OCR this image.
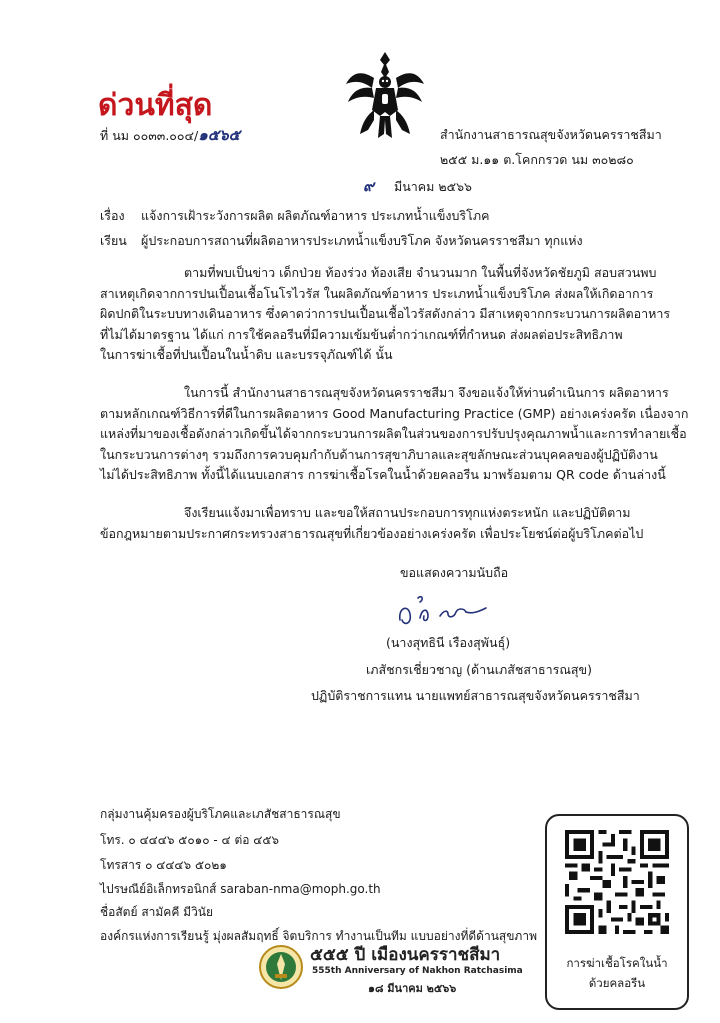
ด่วนที่สุด
ที่ นม ๐๐๓๓.๐๐๔/๑๕๖๕	สำนักงานสาธารณสุขจังหวัดนครราชสีมา
๒๕๕ ม.๑๑ ต.โคกกรวด นม ๓๐๒๘๐
๙ มีนาคม ๒๕๖๖
เรื่อง แจ้งการเฝ้าระวังการผลิต ผลิตภัณฑ์อาหาร ประเภทน้ำแข็งบริโภค
เรียน ผู้ประกอบการสถานที่ผลิตอาหารประเภทน้ำแข็งบริโภค จังหวัดนครราชสีมา ทุกแห่ง
ตามที่พบเป็นข่าว เด็กป่วย ท้องร่วง ท้องเสีย จำนวนมาก ในพื้นที่จังหวัดชัยภูมิ สอบสวนพบ
สาเหตุเกิดจากการปนเปื้อนเชื้อโนโรไวรัส ในผลิตภัณฑ์อาหาร ประเภทน้ำแข็งบริโภค ส่งผลให้เกิดอาการ
ผิดปกติในระบบทางเดินอาหาร ซึ่งคาดว่าการปนเปื้อนเชื้อไวรัสดังกล่าว มีสาเหตุจากกระบวนการผลิตอาหาร
ที่ไม่ได้มาตรฐาน ได้แก่ การใช้คลอรีนที่มีความเข้มข้นต่ำกว่าเกณฑ์ที่กำหนด ส่งผลต่อประสิทธิภาพ
ในการฆ่าเชื้อที่ปนเปื้อนในน้ำดิบ และบรรจุภัณฑ์ได้ นั้น
ในการนี้ สำนักงานสาธารณสุขจังหวัดนครราชสีมา จึงขอแจ้งให้ท่านดำเนินการ ผลิตอาหาร
ตามหลักเกณฑ์วิธีการที่ดีในการผลิตอาหาร Good Manufacturing Practice (GMP) อย่างเคร่งครัด เนื่องจาก
แหล่งที่มาของเชื้อดังกล่าวเกิดขึ้นได้จากกระบวนการผลิตในส่วนของการปรับปรุงคุณภาพน้ำและการทำลายเชื้อ
ในกระบวนการต่างๆ รวมถึงการควบคุมกำกับด้านการสุขาภิบาลและสุขลักษณะส่วนบุคคลของผู้ปฏิบัติงาน
ไม่ได้ประสิทธิภาพ ทั้งนี้ได้แนบเอกสาร การฆ่าเชื้อโรคในน้ำด้วยคลอรีน มาพร้อมตาม QR code ด้านล่างนี้
จึงเรียนแจ้งมาเพื่อทราบ และขอให้สถานประกอบการทุกแห่งตระหนัก และปฏิบัติตาม
ข้อกฎหมายตามประกาศกระทรวงสาธารณสุขที่เกี่ยวข้องอย่างเคร่งครัด เพื่อประโยชน์ต่อผู้บริโภคต่อไป
ขอแสดงความนับถือ
(นางสุทธินี เรืองสุพันธุ์)
เภสัชกรเชี่ยวชาญ (ด้านเภสัชสาธารณสุข)
ปฏิบัติราชการแทน นายแพทย์สาธารณสุขจังหวัดนครราชสีมา
กลุ่มงานคุ้มครองผู้บริโภคและเภสัชสาธารณสุข
โทร. ๐ ๔๔๔๖ ๕๐๑๐ - ๔ ต่อ ๔๕๖
โทรสาร ๐ ๔๔๔๖ ๕๐๒๑
ไปรษณีย์อิเล็กทรอนิกส์ saraban-nma@moph.go.th
ชื่อสัตย์ สามัคคี มีวินัย
องค์กรแห่งการเรียนรู้ มุ่งผลสัมฤทธิ์ จิตบริการ ทำงานเป็นทีม แบบอย่างที่ดีด้านสุขภาพ
๕๕๕ ปี เมืองนครราชสีมา
555th Anniversary of Nakhon Ratchasima
๑๘ มีนาคม ๒๕๖๖
การฆ่าเชื้อโรคในน้ำ
ด้วยคลอรีน
